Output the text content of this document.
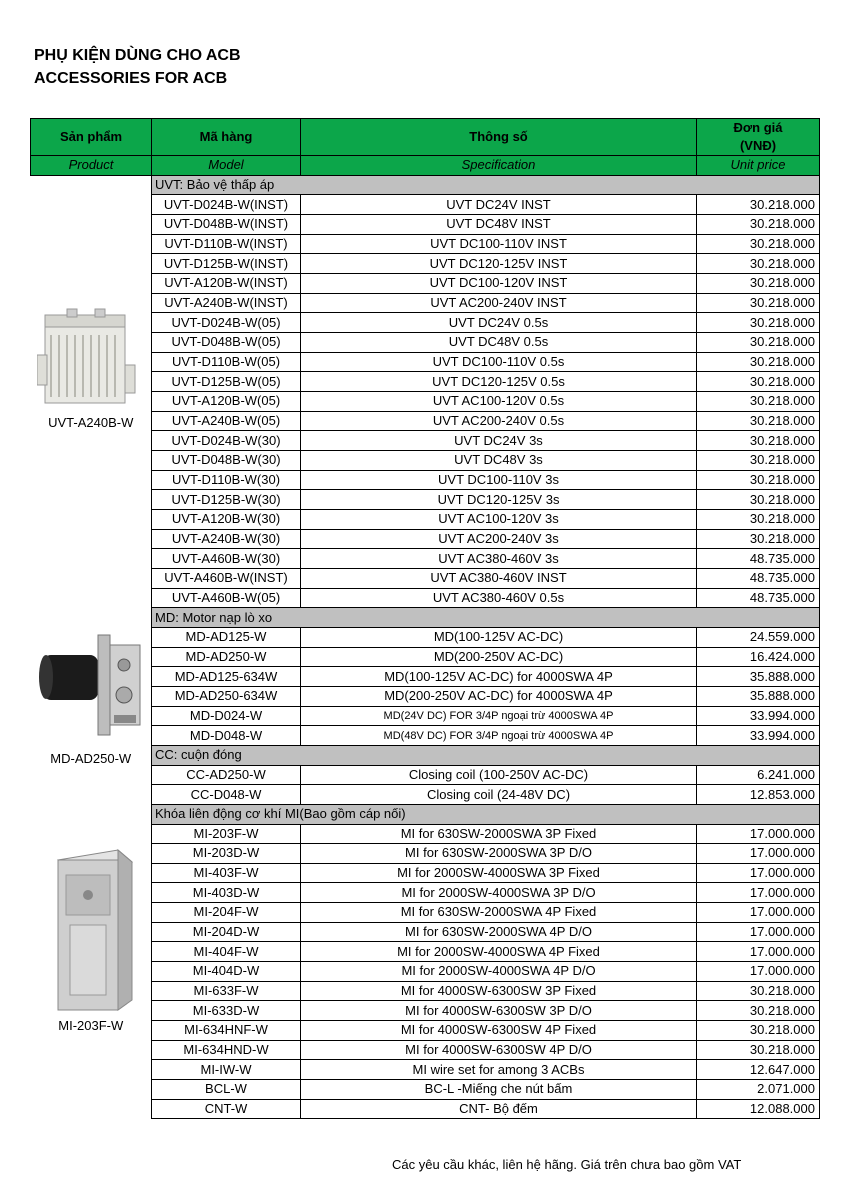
PHỤ KIỆN DÙNG CHO ACB
ACCESSORIES FOR ACB
Sản phẩm	Mã hàng	Thông số	Đơn giá
(VNĐ)

Product	Model	Specification	Unit price

UVT-A240B-W	UVT: Bảo vệ thấp áp		
	UVT-D024B-W(INST)	UVT DC24V INST	30.218.000
	UVT-D048B-W(INST)	UVT DC48V INST	30.218.000
	UVT-D110B-W(INST)	UVT DC100-110V INST	30.218.000
	UVT-D125B-W(INST)	UVT DC120-125V INST	30.218.000
	UVT-A120B-W(INST)	UVT DC100-120V INST	30.218.000
	UVT-A240B-W(INST)	UVT AC200-240V INST	30.218.000
	UVT-D024B-W(05)	UVT DC24V 0.5s	30.218.000
	UVT-D048B-W(05)	UVT DC48V 0.5s	30.218.000
	UVT-D110B-W(05)	UVT DC100-110V 0.5s	30.218.000
	UVT-D125B-W(05)	UVT DC120-125V 0.5s	30.218.000
	UVT-A120B-W(05)	UVT AC100-120V 0.5s	30.218.000
	UVT-A240B-W(05)	UVT AC200-240V 0.5s	30.218.000
	UVT-D024B-W(30)	UVT DC24V 3s	30.218.000
	UVT-D048B-W(30)	UVT DC48V 3s	30.218.000
	UVT-D110B-W(30)	UVT DC100-110V 3s	30.218.000
	UVT-D125B-W(30)	UVT DC120-125V 3s	30.218.000
	UVT-A120B-W(30)	UVT AC100-120V 3s	30.218.000
	UVT-A240B-W(30)	UVT AC200-240V 3s	30.218.000
	UVT-A460B-W(30)	UVT AC380-460V 3s	48.735.000
	UVT-A460B-W(INST)	UVT AC380-460V INST	48.735.000
	UVT-A460B-W(05)	UVT AC380-460V 0.5s	48.735.000

MD-AD250-W	MD: Motor nạp lò xo		
	MD-AD125-W	MD(100-125V AC-DC)	24.559.000
	MD-AD250-W	MD(200-250V AC-DC)	16.424.000
	MD-AD125-634W	MD(100-125V AC-DC) for 4000SWA 4P	35.888.000
	MD-AD250-634W	MD(200-250V AC-DC) for 4000SWA 4P	35.888.000
	MD-D024-W	MD(24V DC) FOR 3/4P ngoại trừ 4000SWA 4P	33.994.000
	MD-D048-W	MD(48V DC) FOR 3/4P ngoại trừ 4000SWA 4P	33.994.000
	CC: cuộn đóng		
	CC-AD250-W	Closing coil (100-250V AC-DC)	6.241.000
	CC-D048-W	Closing coil (24-48V DC)	12.853.000

MI-203F-W	Khóa liên động cơ khí MI(Bao gồm cáp nối)		
	MI-203F-W	MI for 630SW-2000SWA 3P Fixed	17.000.000
	MI-203D-W	MI for 630SW-2000SWA 3P D/O	17.000.000
	MI-403F-W	MI for 2000SW-4000SWA 3P Fixed	17.000.000
	MI-403D-W	MI for 2000SW-4000SWA 3P D/O	17.000.000
	MI-204F-W	MI for 630SW-2000SWA 4P Fixed	17.000.000
	MI-204D-W	MI for 630SW-2000SWA 4P D/O	17.000.000
	MI-404F-W	MI for 2000SW-4000SWA 4P Fixed	17.000.000
	MI-404D-W	MI for 2000SW-4000SWA 4P D/O	17.000.000
	MI-633F-W	MI for 4000SW-6300SW 3P Fixed	30.218.000
	MI-633D-W	MI for 4000SW-6300SW 3P D/O	30.218.000
	MI-634HNF-W	MI for 4000SW-6300SW 4P Fixed	30.218.000
	MI-634HND-W	MI for 4000SW-6300SW 4P D/O	30.218.000
	MI-IW-W	MI wire set for among 3 ACBs	12.647.000
	BCL-W	BC-L -Miếng che nút bấm	2.071.000
	CNT-W	CNT- Bộ đếm	12.088.000
Các yêu cầu khác, liên hệ hãng. Giá trên chưa bao gồm VAT
